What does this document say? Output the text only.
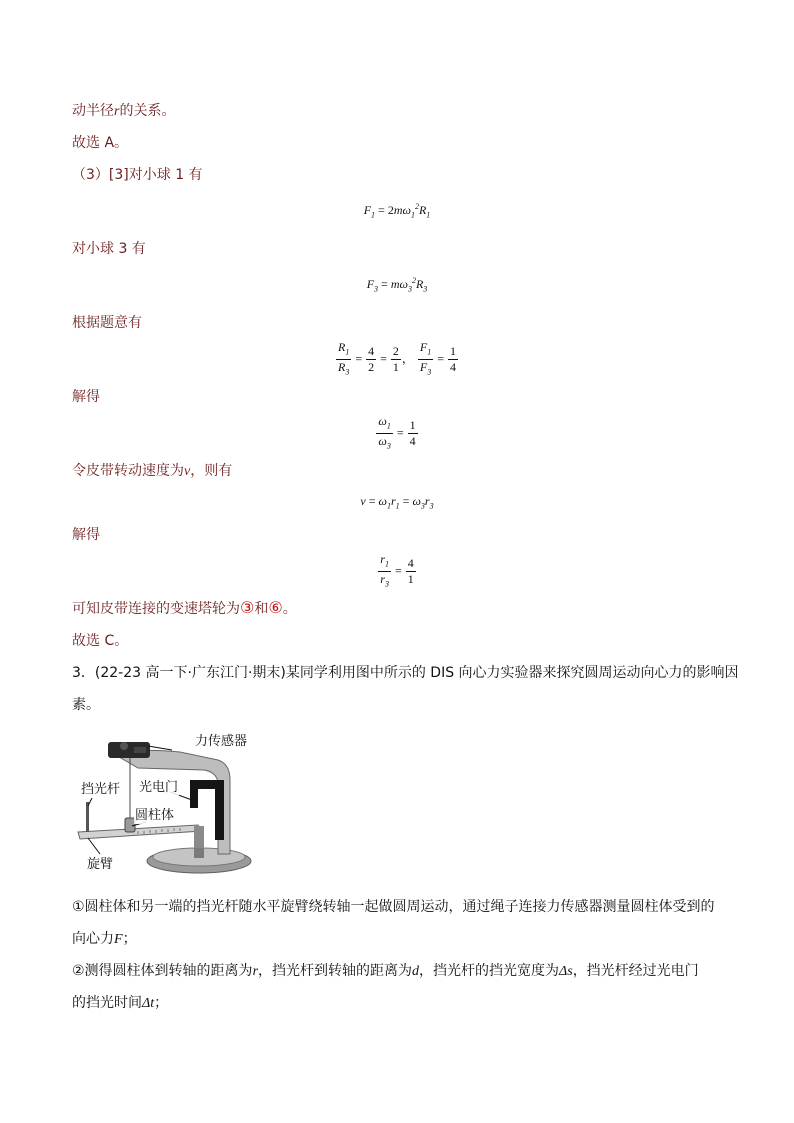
动半径r的关系。
故选 A。
（3）[3]对小球 1 有
$F_1 = 2m\omega_1^2R_1$
对小球 3 有
$F_3 = m\omega_3^2R_3$
根据题意有
$\frac{R_1}{R_3} = \frac{4}{2} = \frac{2}{1}$ ， $\frac{F_1}{F_3} = \frac{1}{4}$
解得
$\frac{\omega_1}{\omega_3} = \frac{1}{4}$
令皮带转动速度为v，则有
$v = \omega_1r_1 = \omega_3r_3$
解得
$\frac{r_1}{r_3} = \frac{4}{1}$
可知皮带连接的变速塔轮为③和⑥。
故选 C。
3．(22-23 高一下·广东江门·期末)某同学利用图中所示的 DIS 向心力实验器来探究圆周运动向心力的影响因
素。
力传感器
挡光杆 光电门
圆柱体
旋臂
①圆柱体和另一端的挡光杆随水平旋臂绕转轴一起做圆周运动，通过绳子连接力传感器测量圆柱体受到的
向心力F；
②测得圆柱体到转轴的距离为r，挡光杆到转轴的距离为d，挡光杆的挡光宽度为Δs，挡光杆经过光电门
的挡光时间Δt；
